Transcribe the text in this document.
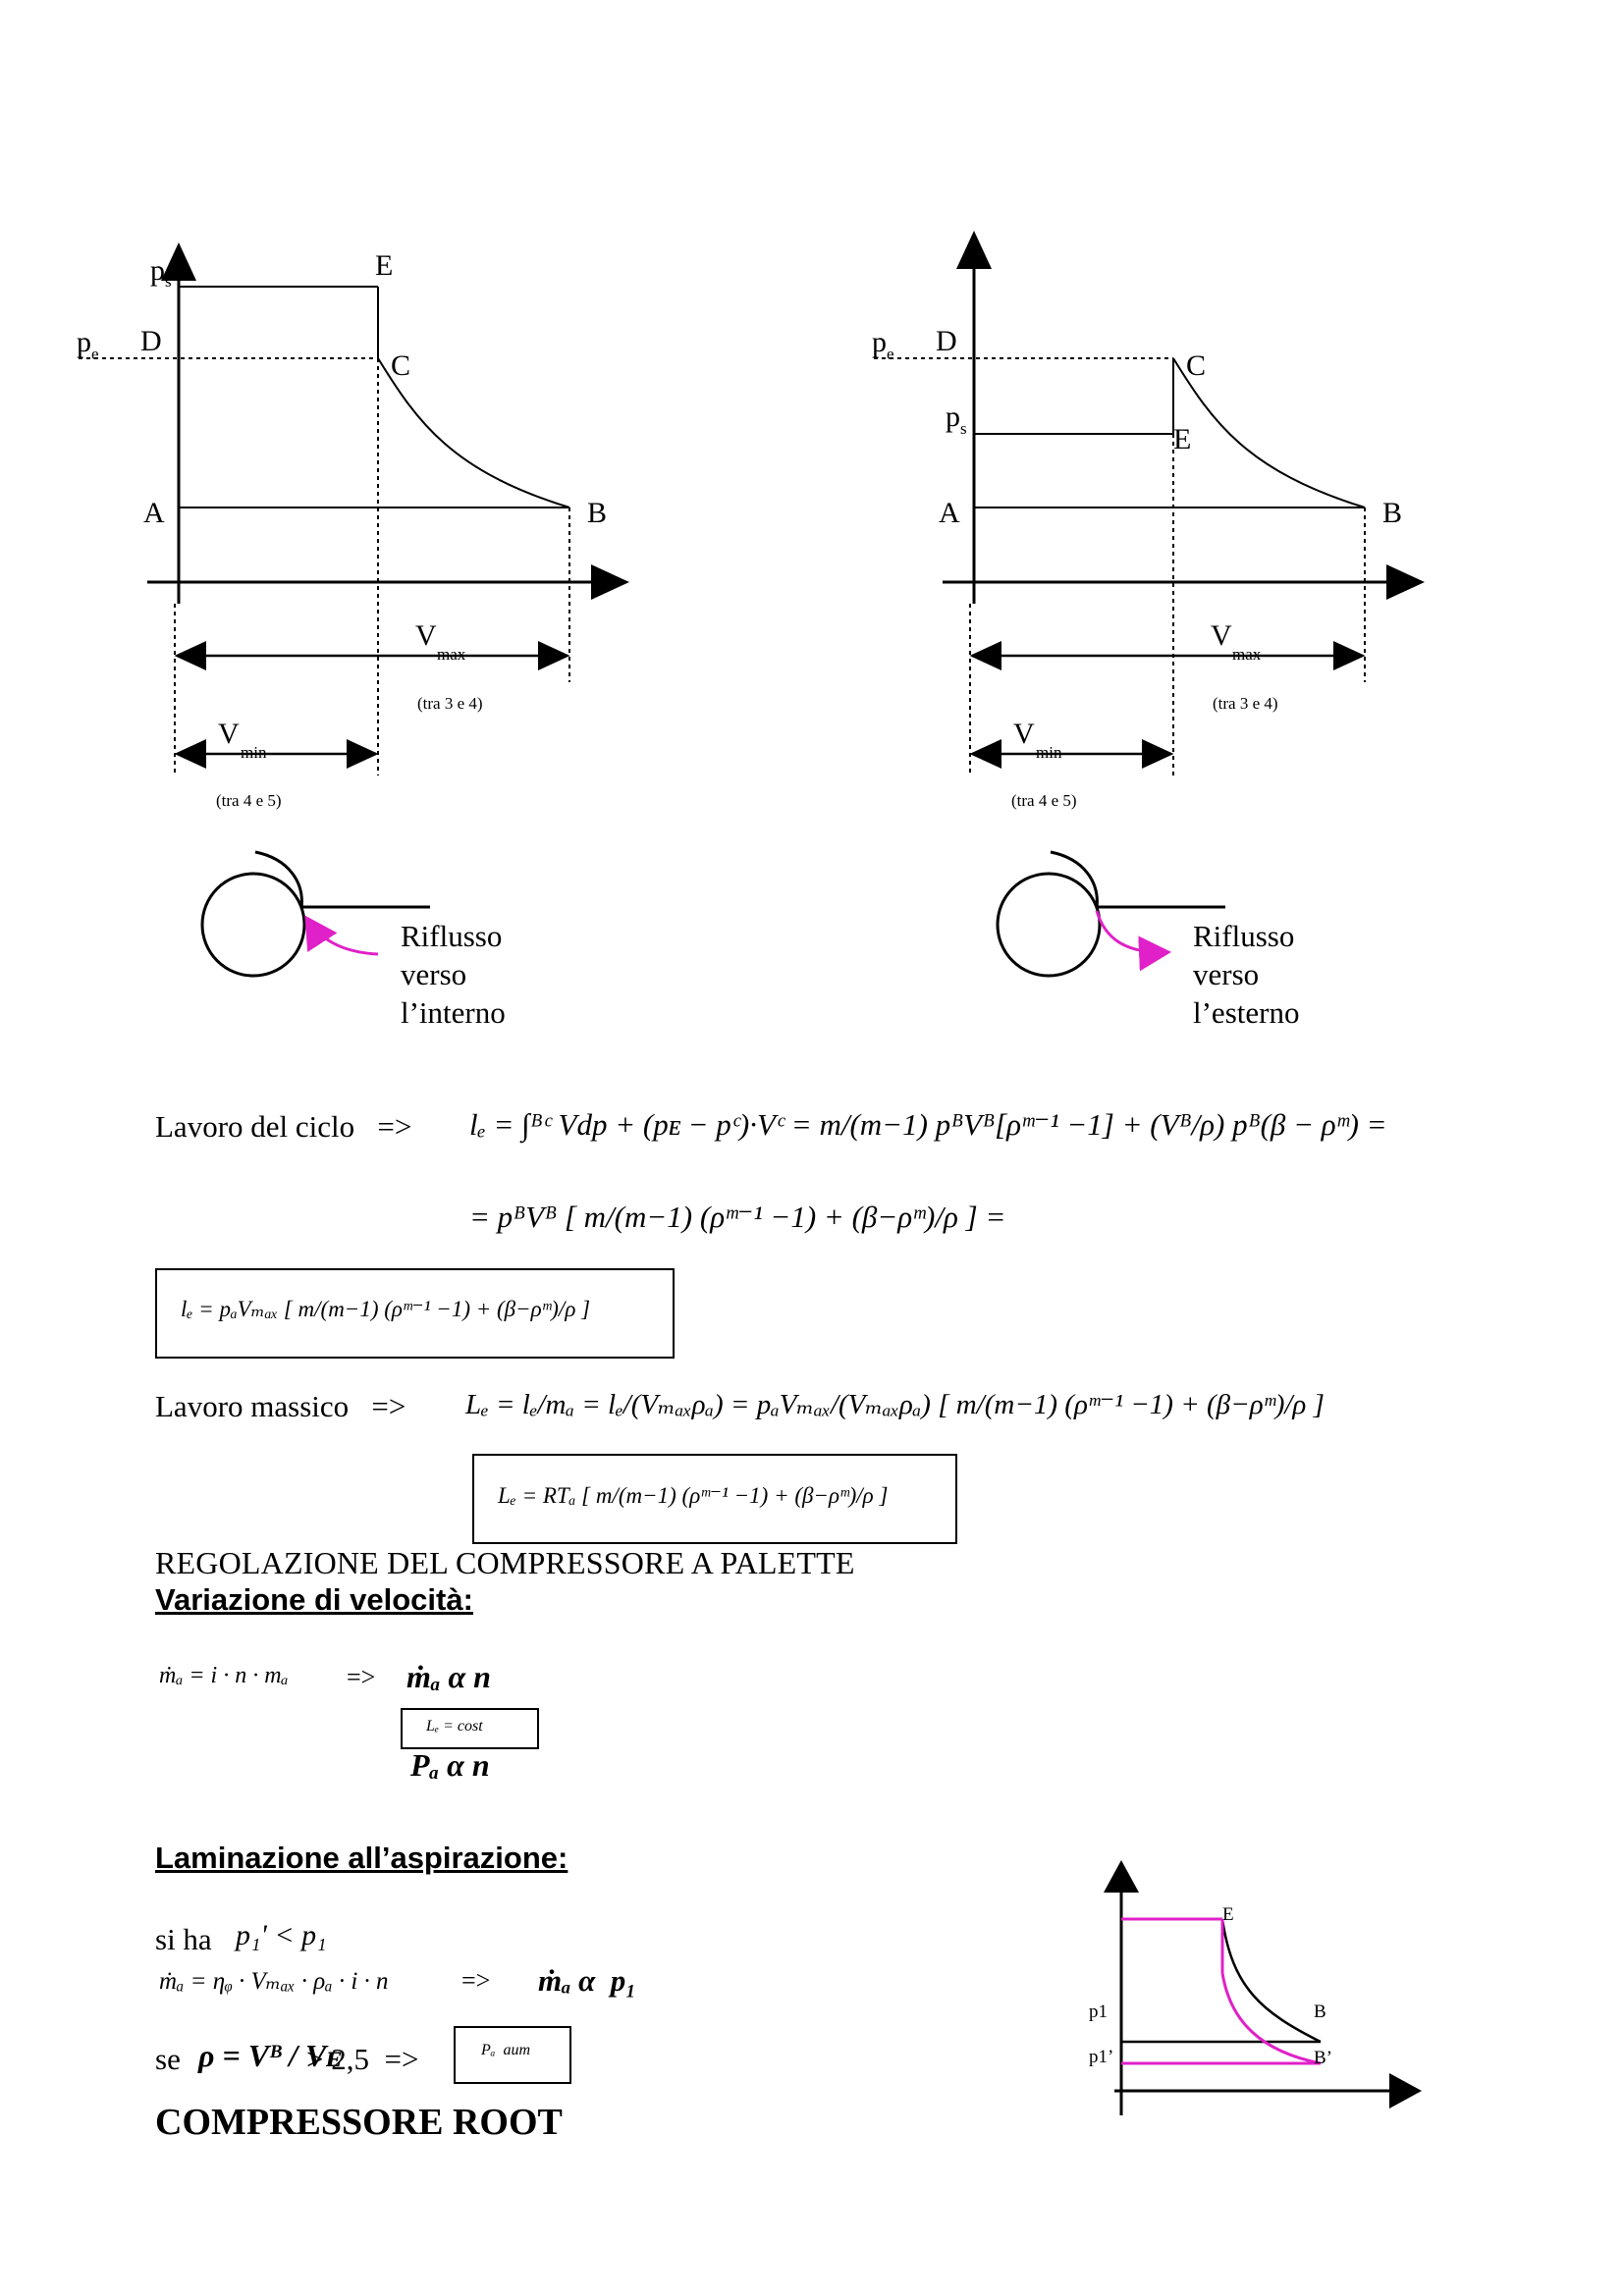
p s	E
p e D
C
A	B
V
max
(tra 3 e 4)
V
min
(tra 4 e 5)
Riflusso
verso
l’interno
p e D
C
p s	E
A	B
V
max
(tra 3 e 4)
V
min
(tra 4 e 5)
Riflusso
verso
l’esterno
Lavoro del ciclo   => lₑ = ∫ᴮᶜ Vdp + (pᴇ − pᶜ)·Vᶜ = m/(m−1) pᴮVᴮ[ρᵐ⁻¹ −1] + (Vᴮ/ρ) pᴮ(β − ρᵐ) =
= pᴮVᴮ [ m/(m−1) (ρᵐ⁻¹ −1) + (β−ρᵐ)/ρ ] =
lₑ = pₐVₘₐₓ [ m/(m−1) (ρᵐ⁻¹ −1) + (β−ρᵐ)/ρ ]
Lavoro massico   => Lₑ = lₑ/mₐ = lₑ/(Vₘₐₓρₐ) = pₐVₘₐₓ/(Vₘₐₓρₐ) [ m/(m−1) (ρᵐ⁻¹ −1) + (β−ρᵐ)/ρ ]
Lₑ = RTₐ [ m/(m−1) (ρᵐ⁻¹ −1) + (β−ρᵐ)/ρ ]
REGOLAZIONE DEL COMPRESSORE A PALETTE
Variazione di velocità:
ṁₐ = i · n · mₐ => ṁₐ α n
Lₑ = cost
Pₐ α n
Laminazione all’aspirazione:
si ha p₁' < p₁
ṁₐ = ηᵩ · Vₘₐₓ · ρₐ · i · n	=> ṁₐ α  p₁
se ρ = Vᴮ / Vᴇ
> 2,5  =>	Pₐ  aum
COMPRESSORE ROOT
E
p1
p1’
B
B’
